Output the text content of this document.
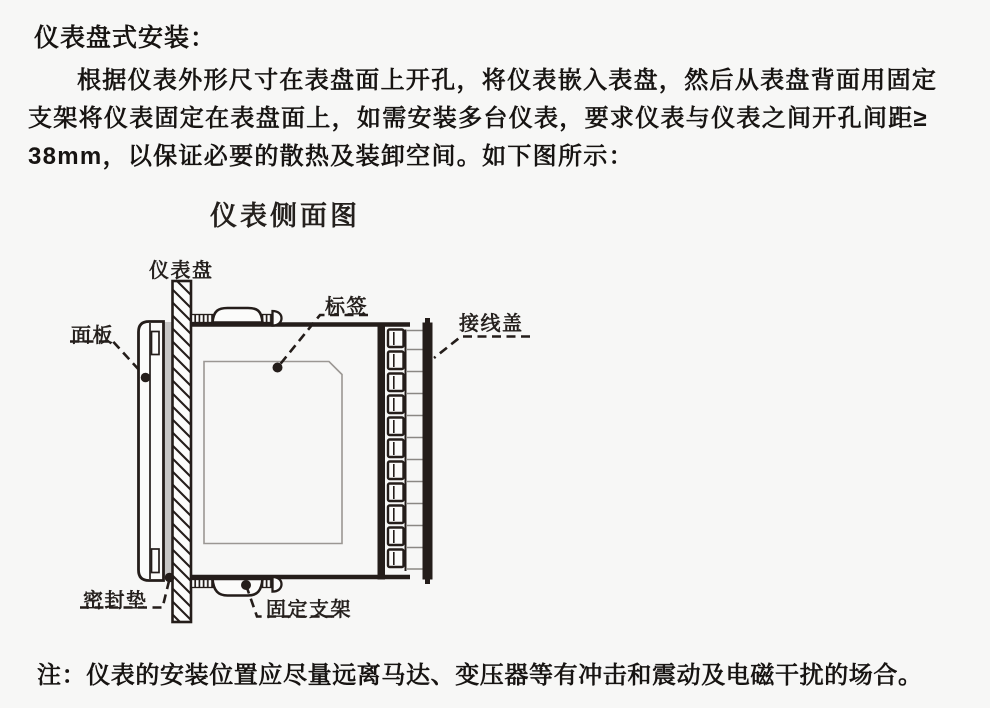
仪表盘式安装：
根据仪表外形尺寸在表盘面上开孔，将仪表嵌入表盘，然后从表盘背面用固定
支架将仪表固定在表盘面上，如需安装多台仪表，要求仪表与仪表之间开孔间距≥
38mm，以保证必要的散热及装卸空间。如下图所示：
仪表侧面图
仪表盘
面板
标签
接线盖
密封垫	固定支架
注：仪表的安装位置应尽量远离马达、变压器等有冲击和震动及电磁干扰的场合。
